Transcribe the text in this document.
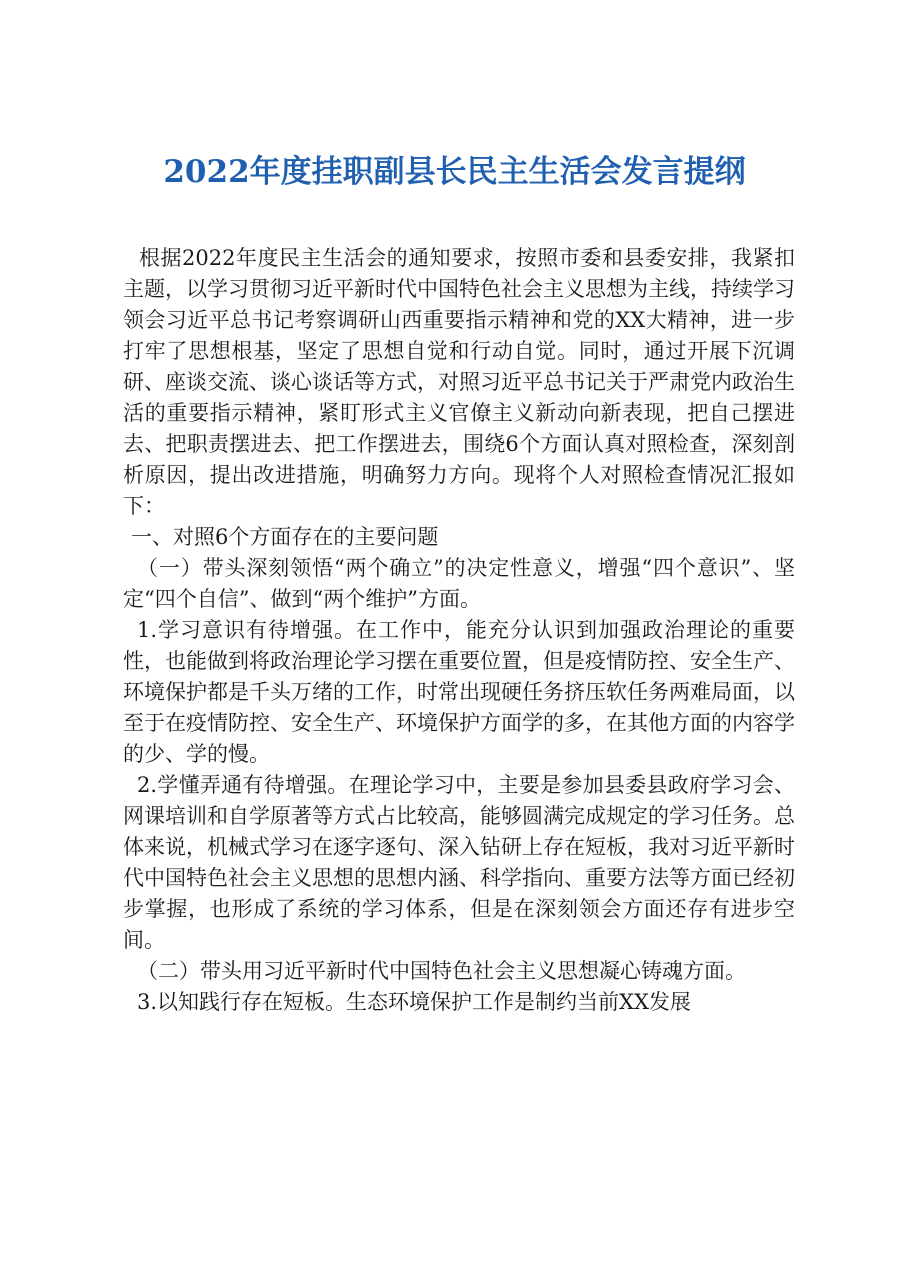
2022年度挂职副县长民主生活会发言提纲

根据2022年度民主生活会的通知要求，按照市委和县委安排，我紧扣主题，以学习贯彻习近平新时代中国特色社会主义思想为主线，持续学习领会习近平总书记考察调研山西重要指示精神和党的XX大精神，进一步打牢了思想根基，坚定了思想自觉和行动自觉。同时，通过开展下沉调研、座谈交流、谈心谈话等方式，对照习近平总书记关于严肃党内政治生活的重要指示精神，紧盯形式主义官僚主义新动向新表现，把自己摆进去、把职责摆进去、把工作摆进去，围绕6个方面认真对照检查，深刻剖析原因，提出改进措施，明确努力方向。现将个人对照检查情况汇报如下：

一、对照6个方面存在的主要问题

（一）带头深刻领悟“两个确立”的决定性意义，增强“四个意识”、坚定“四个自信”、做到“两个维护”方面。

1.学习意识有待增强。在工作中，能充分认识到加强政治理论的重要性，也能做到将政治理论学习摆在重要位置，但是疫情防控、安全生产、环境保护都是千头万绪的工作，时常出现硬任务挤压软任务两难局面，以至于在疫情防控、安全生产、环境保护方面学的多，在其他方面的内容学的少、学的慢。

2.学懂弄通有待增强。在理论学习中，主要是参加县委县政府学习会、网课培训和自学原著等方式占比较高，能够圆满完成规定的学习任务。总体来说，机械式学习在逐字逐句、深入钻研上存在短板，我对习近平新时代中国特色社会主义思想的思想内涵、科学指向、重要方法等方面已经初步掌握，也形成了系统的学习体系，但是在深刻领会方面还存有进步空间。

（二）带头用习近平新时代中国特色社会主义思想凝心铸魂方面。

3.以知践行存在短板。生态环境保护工作是制约当前XX发展
